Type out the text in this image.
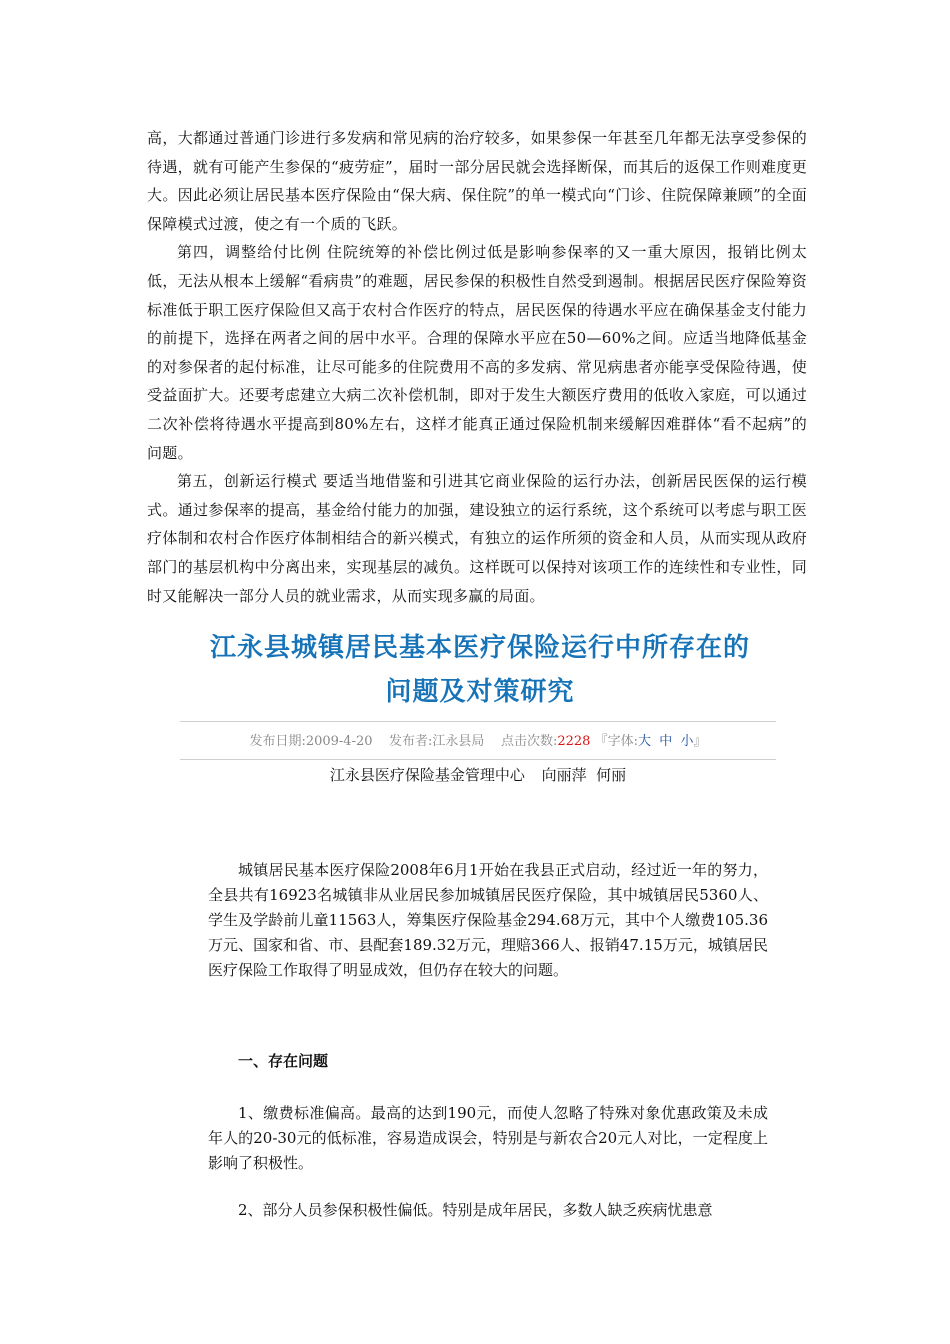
高，大都通过普通门诊进行多发病和常见病的治疗较多，如果参保一年甚至几年都无法享受参保的待遇，就有可能产生参保的“疲劳症”，届时一部分居民就会选择断保，而其后的返保工作则难度更大。因此必须让居民基本医疗保险由“保大病、保住院”的单一模式向“门诊、住院保障兼顾”的全面保障模式过渡，使之有一个质的飞跃。

第四，调整给付比例 住院统筹的补偿比例过低是影响参保率的又一重大原因，报销比例太低，无法从根本上缓解“看病贵”的难题，居民参保的积极性自然受到遏制。根据居民医疗保险筹资标准低于职工医疗保险但又高于农村合作医疗的特点，居民医保的待遇水平应在确保基金支付能力的前提下，选择在两者之间的居中水平。合理的保障水平应在50—60%之间。应适当地降低基金的对参保者的起付标准，让尽可能多的住院费用不高的多发病、常见病患者亦能享受保险待遇，使受益面扩大。还要考虑建立大病二次补偿机制，即对于发生大额医疗费用的低收入家庭，可以通过二次补偿将待遇水平提高到80%左右，这样才能真正通过保险机制来缓解因难群体“看不起病”的问题。

第五，创新运行模式 要适当地借鉴和引进其它商业保险的运行办法，创新居民医保的运行模式。通过参保率的提高，基金给付能力的加强，建设独立的运行系统，这个系统可以考虑与职工医疗体制和农村合作医疗体制相结合的新兴模式，有独立的运作所须的资金和人员，从而实现从政府部门的基层机构中分离出来，实现基层的减负。这样既可以保持对该项工作的连续性和专业性，同时又能解决一部分人员的就业需求，从而实现多赢的局面。

江永县城镇居民基本医疗保险运行中所存在的
问题及对策研究
发布日期:2009-4-20 发布者:江永县局 点击次数:2228 『字体:大 中 小』
江永县医疗保险基金管理中心 向丽萍  何丽

城镇居民基本医疗保险2008年6月1开始在我县正式启动，经过近一年的努力，全县共有16923名城镇非从业居民参加城镇居民医疗保险，其中城镇居民5360人、学生及学龄前儿童11563人，筹集医疗保险基金294.68万元，其中个人缴费105.36万元、国家和省、市、县配套189.32万元，理赔366人、报销47.15万元，城镇居民医疗保险工作取得了明显成效，但仍存在较大的问题。

一、存在问题

1、缴费标准偏高。最高的达到190元，而使人忽略了特殊对象优惠政策及未成年人的20-30元的低标准，容易造成误会，特别是与新农合20元人对比，一定程度上影响了积极性。

2、部分人员参保积极性偏低。特别是成年居民，多数人缺乏疾病忧患意
